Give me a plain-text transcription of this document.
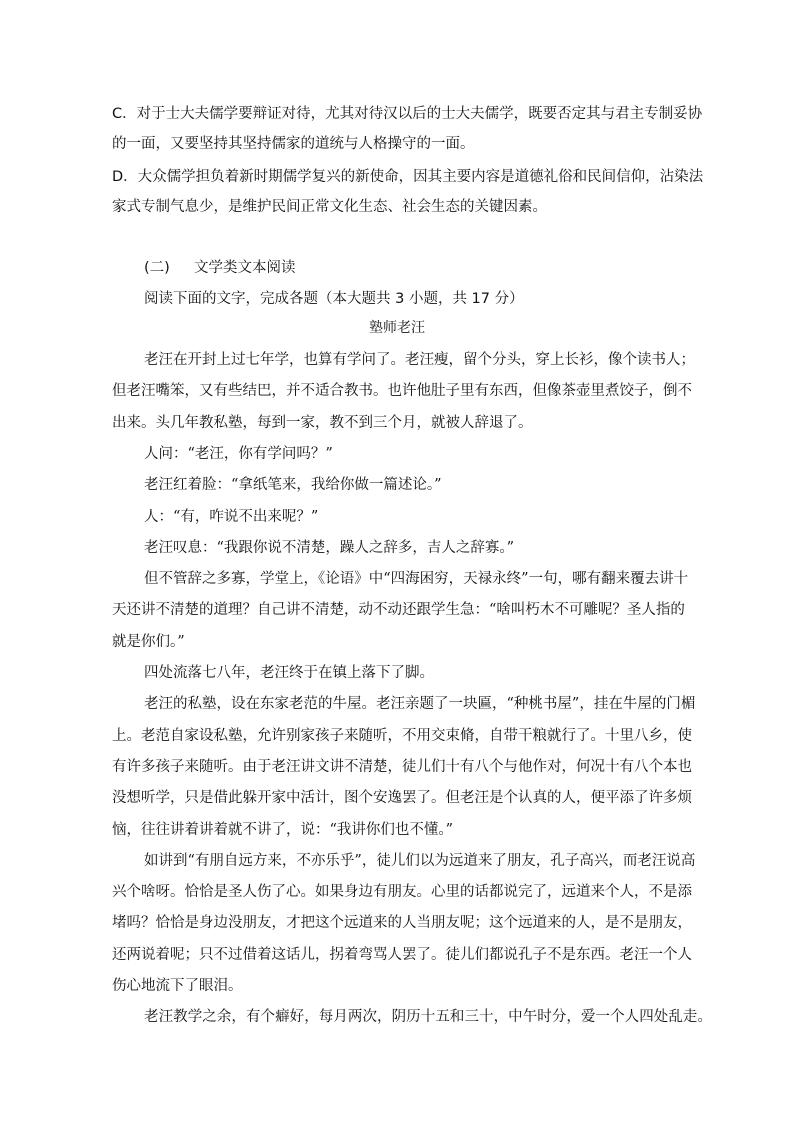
C．对于士大夫儒学要辩证对待，尤其对待汉以后的士大夫儒学，既要否定其与君主专制妥协
的一面，又要坚持其坚持儒家的道统与人格操守的一面。
D．大众儒学担负着新时期儒学复兴的新使命，因其主要内容是道德礼俗和民间信仰，沾染法
家式专制气息少，是维护民间正常文化生态、社会生态的关键因素。
(二) 文学类文本阅读
阅读下面的文字，完成各题（本大题共 3 小题，共 17 分）
塾师老汪
老汪在开封上过七年学，也算有学问了。老汪瘦，留个分头，穿上长衫，像个读书人；
但老汪嘴笨，又有些结巴，并不适合教书。也许他肚子里有东西，但像茶壶里煮饺子，倒不
出来。头几年教私塾，每到一家，教不到三个月，就被人辞退了。
人问：“老汪，你有学问吗？”
老汪红着脸：“拿纸笔来，我给你做一篇述论。”
人：“有，咋说不出来呢？”
老汪叹息：“我跟你说不清楚，躁人之辞多，吉人之辞寡。”
但不管辞之多寡，学堂上，《论语》中“四海困穷，天禄永终”一句，哪有翻来覆去讲十
天还讲不清楚的道理？自己讲不清楚，动不动还跟学生急：“啥叫朽木不可雕呢？圣人指的
就是你们。”
四处流落七八年，老汪终于在镇上落下了脚。
老汪的私塾，设在东家老范的牛屋。老汪亲题了一块匾，“种桃书屋”，挂在牛屋的门楣
上。老范自家设私塾，允许别家孩子来随听，不用交束脩，自带干粮就行了。十里八乡，使
有许多孩子来随听。由于老汪讲文讲不清楚，徒儿们十有八个与他作对，何况十有八个本也
没想听学，只是借此躲开家中活计，图个安逸罢了。但老汪是个认真的人，便平添了许多烦
恼，往往讲着讲着就不讲了，说：“我讲你们也不懂。”
如讲到“有朋自远方来，不亦乐乎”，徒儿们以为远道来了朋友，孔子高兴，而老汪说高
兴个啥呀。恰恰是圣人伤了心。如果身边有朋友。心里的话都说完了，远道来个人，不是添
堵吗？恰恰是身边没朋友，才把这个远道来的人当朋友呢；这个远道来的人，是不是朋友，
还两说着呢；只不过借着这话儿，拐着弯骂人罢了。徒儿们都说孔子不是东西。老汪一个人
伤心地流下了眼泪。
老汪教学之余，有个癖好，每月两次，阴历十五和三十，中午时分，爱一个人四处乱走。
